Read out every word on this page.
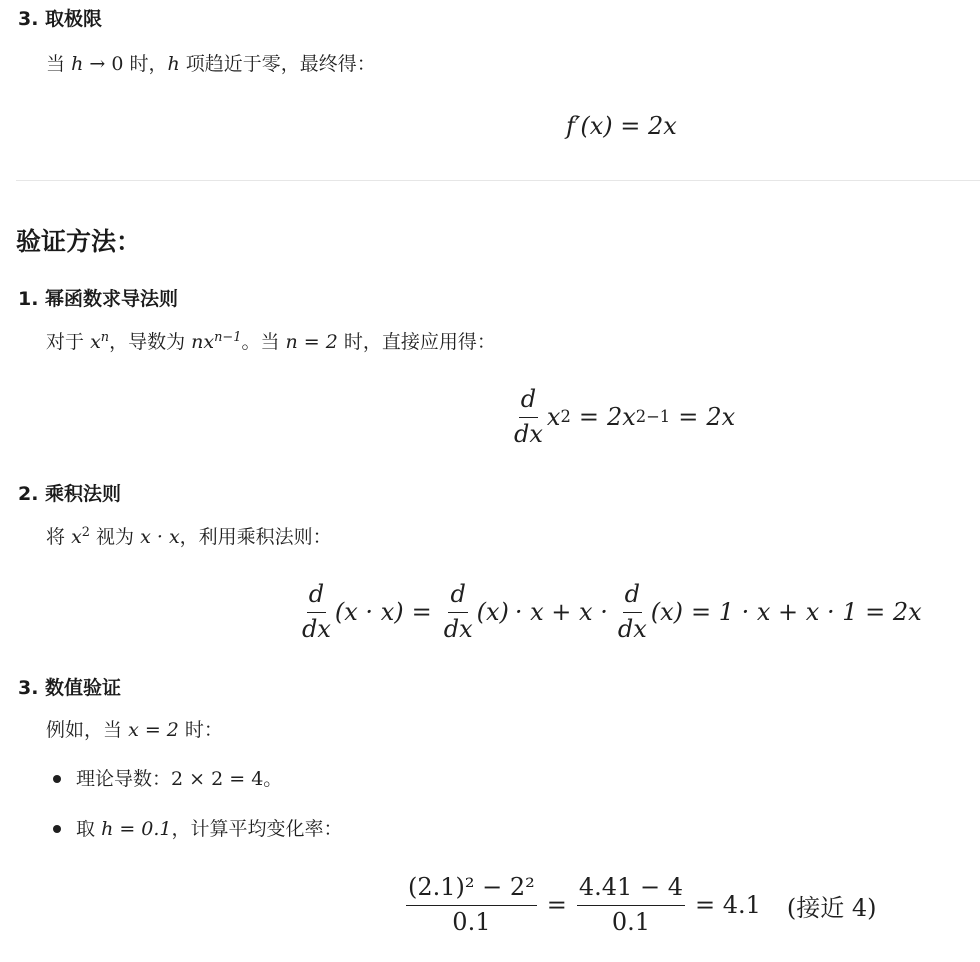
3. 取极限
当 h → 0 时，h 项趋近于零，最终得：
f′(x) = 2x
验证方法：
1. 幂函数求导法则
对于 $x^n$，导数为 $nx^{n-1}$。当 n = 2 时，直接应用得：
$\frac{d}{dx}$ x 2 = 2x 2−1 = 2x
2. 乘积法则
将 $x^2$ 视为 x · x，利用乘积法则：
$\frac{d}{dx} (x \cdot x) = \frac{d}{dx} (x) \cdot x + x \cdot \frac{d}{dx} (x) = 1 \cdot x + x \cdot 1 = 2x$
3. 数值验证
例如，当 x = 2 时：
理论导数：2 × 2 = 4。
取 h = 0.1，计算平均变化率：
$\frac{\text{(2.1)² − 2²}}{0.1} = \frac{4.41 - 4}{0.1} = 4.1$ (接近 4)
